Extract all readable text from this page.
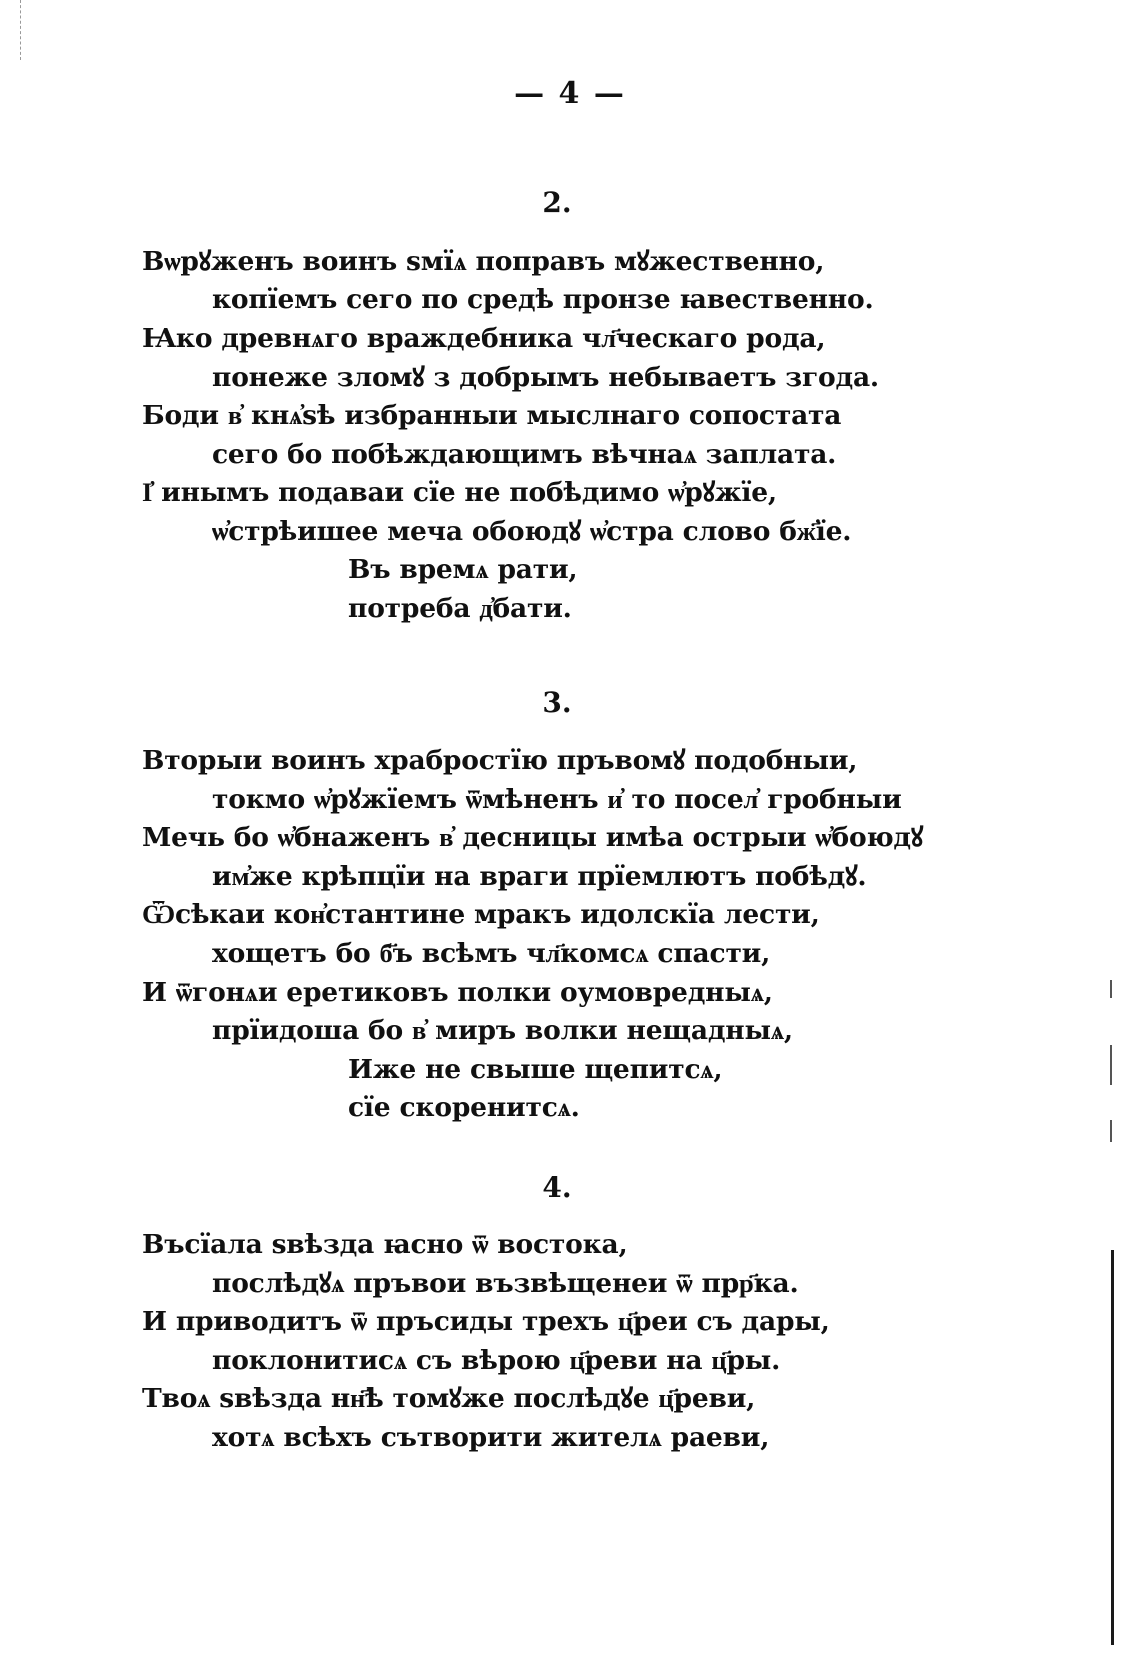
— 4 —
2.
Вѡрꙋженъ воинъ ѕмїѧ поправъ мꙋжественно,
копїемъ сего по средѣ пронзе ꙗвественно.
Ꙗко древнѧго враждебника чл҃ческаго рода,
понеже зломꙋ з добрымъ небываетъ згода.
Боди в҆ кнѧ҆ѕѣ избранныи мыслнаго сопостата
сего бо побѣждающимъ вѣчнаѧ заплата.
І҆ инымъ подаваи сїе не побѣдимо ѡ҆рꙋжїе,
ѡ҆стрѣишее меча обоюдꙋ ѡ҆стра слово бж҃їе.
Въ времѧ рати,
потреба д҆бати.
3.
Вторыи воинъ храбростїю пръвомꙋ подобныи,
токмо ѡ҆рꙋжїемъ ѿмѣненъ и҆ то посел҆ гробныи
Мечь бо ѡ҆бнаженъ в҆ десницы имѣа острыи ѡ҆боюдꙋ
им҆же крѣпцїи на враги прїемлютъ побѣдꙋ.
Ѿсѣкаи кон҆стантине мракъ идолскїа лести,
хощетъ бо б҃ъ всѣмъ чл҃комсѧ спасти,
И ѿгонѧи еретиковъ полки оумовредныѧ,
прїидоша бо в҆ миръ волки нещадныѧ,
Иже не свыше щепитсѧ,
сїе скоренитсѧ.
4.
Въсїала ѕвѣзда ꙗсно ѿ востока,
послѣдꙋѧ пръвои възвѣщенеи ѿ прр҃ка.
И приводитъ ѿ пръсиды трехъ ц҃реи съ дары,
поклонитисѧ съ вѣрою ц҃реви на ц҃ры.
Твоѧ ѕвѣзда нн҃ѣ томꙋже послѣдꙋе ц҃реви,
хотѧ всѣхъ сътворити жителѧ раеви,
